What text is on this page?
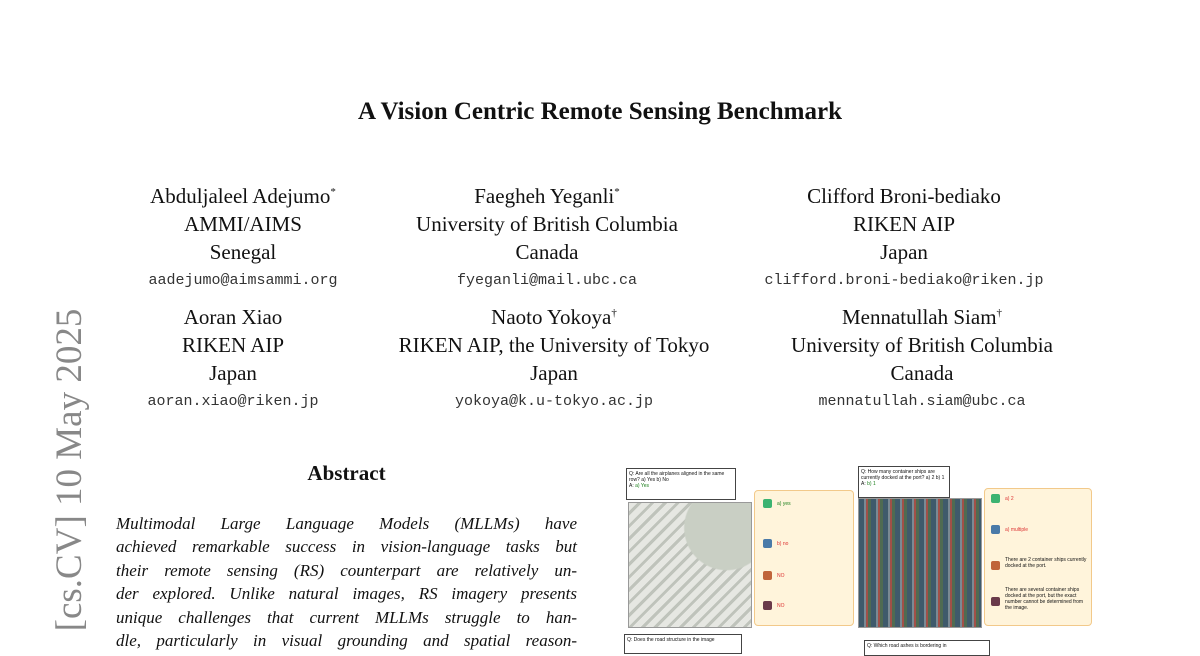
[cs.CV] 10 May 2025
A Vision Centric Remote Sensing Benchmark
Abduljaleel Adejumo*
AMMI/AIMS
Senegal
aadejumo@aimsammi.org
Faegheh Yeganli*
University of British Columbia
Canada
fyeganli@mail.ubc.ca
Clifford Broni-bediako
RIKEN AIP
Japan
clifford.broni-bediako@riken.jp
Aoran Xiao
RIKEN AIP
Japan
aoran.xiao@riken.jp
Naoto Yokoya†
RIKEN AIP, the University of Tokyo
Japan
yokoya@k.u-tokyo.ac.jp
Mennatullah Siam†
University of British Columbia
Canada
mennatullah.siam@ubc.ca
Abstract
Multimodal Large Language Models (MLLMs) have
achieved remarkable success in vision-language tasks but
their remote sensing (RS) counterpart are relatively un-
der explored. Unlike natural images, RS imagery presents
unique challenges that current MLLMs struggle to han-
dle, particularly in visual grounding and spatial reason-
Q: Are all the airplanes aligned in the same row? a) Yes b) No
A: a) Yes
a) yes
b) no
NO
NO
Q: How many container ships are currently docked at the port? a) 2 b) 1
A: b) 1
a) 2
a) multiple
There are 2 container ships currently docked at the port.
There are several container ships docked at the port, but the exact number cannot be determined from the image.
Q: Does the road structure in the image
Q: Which road ashes is bordering in
